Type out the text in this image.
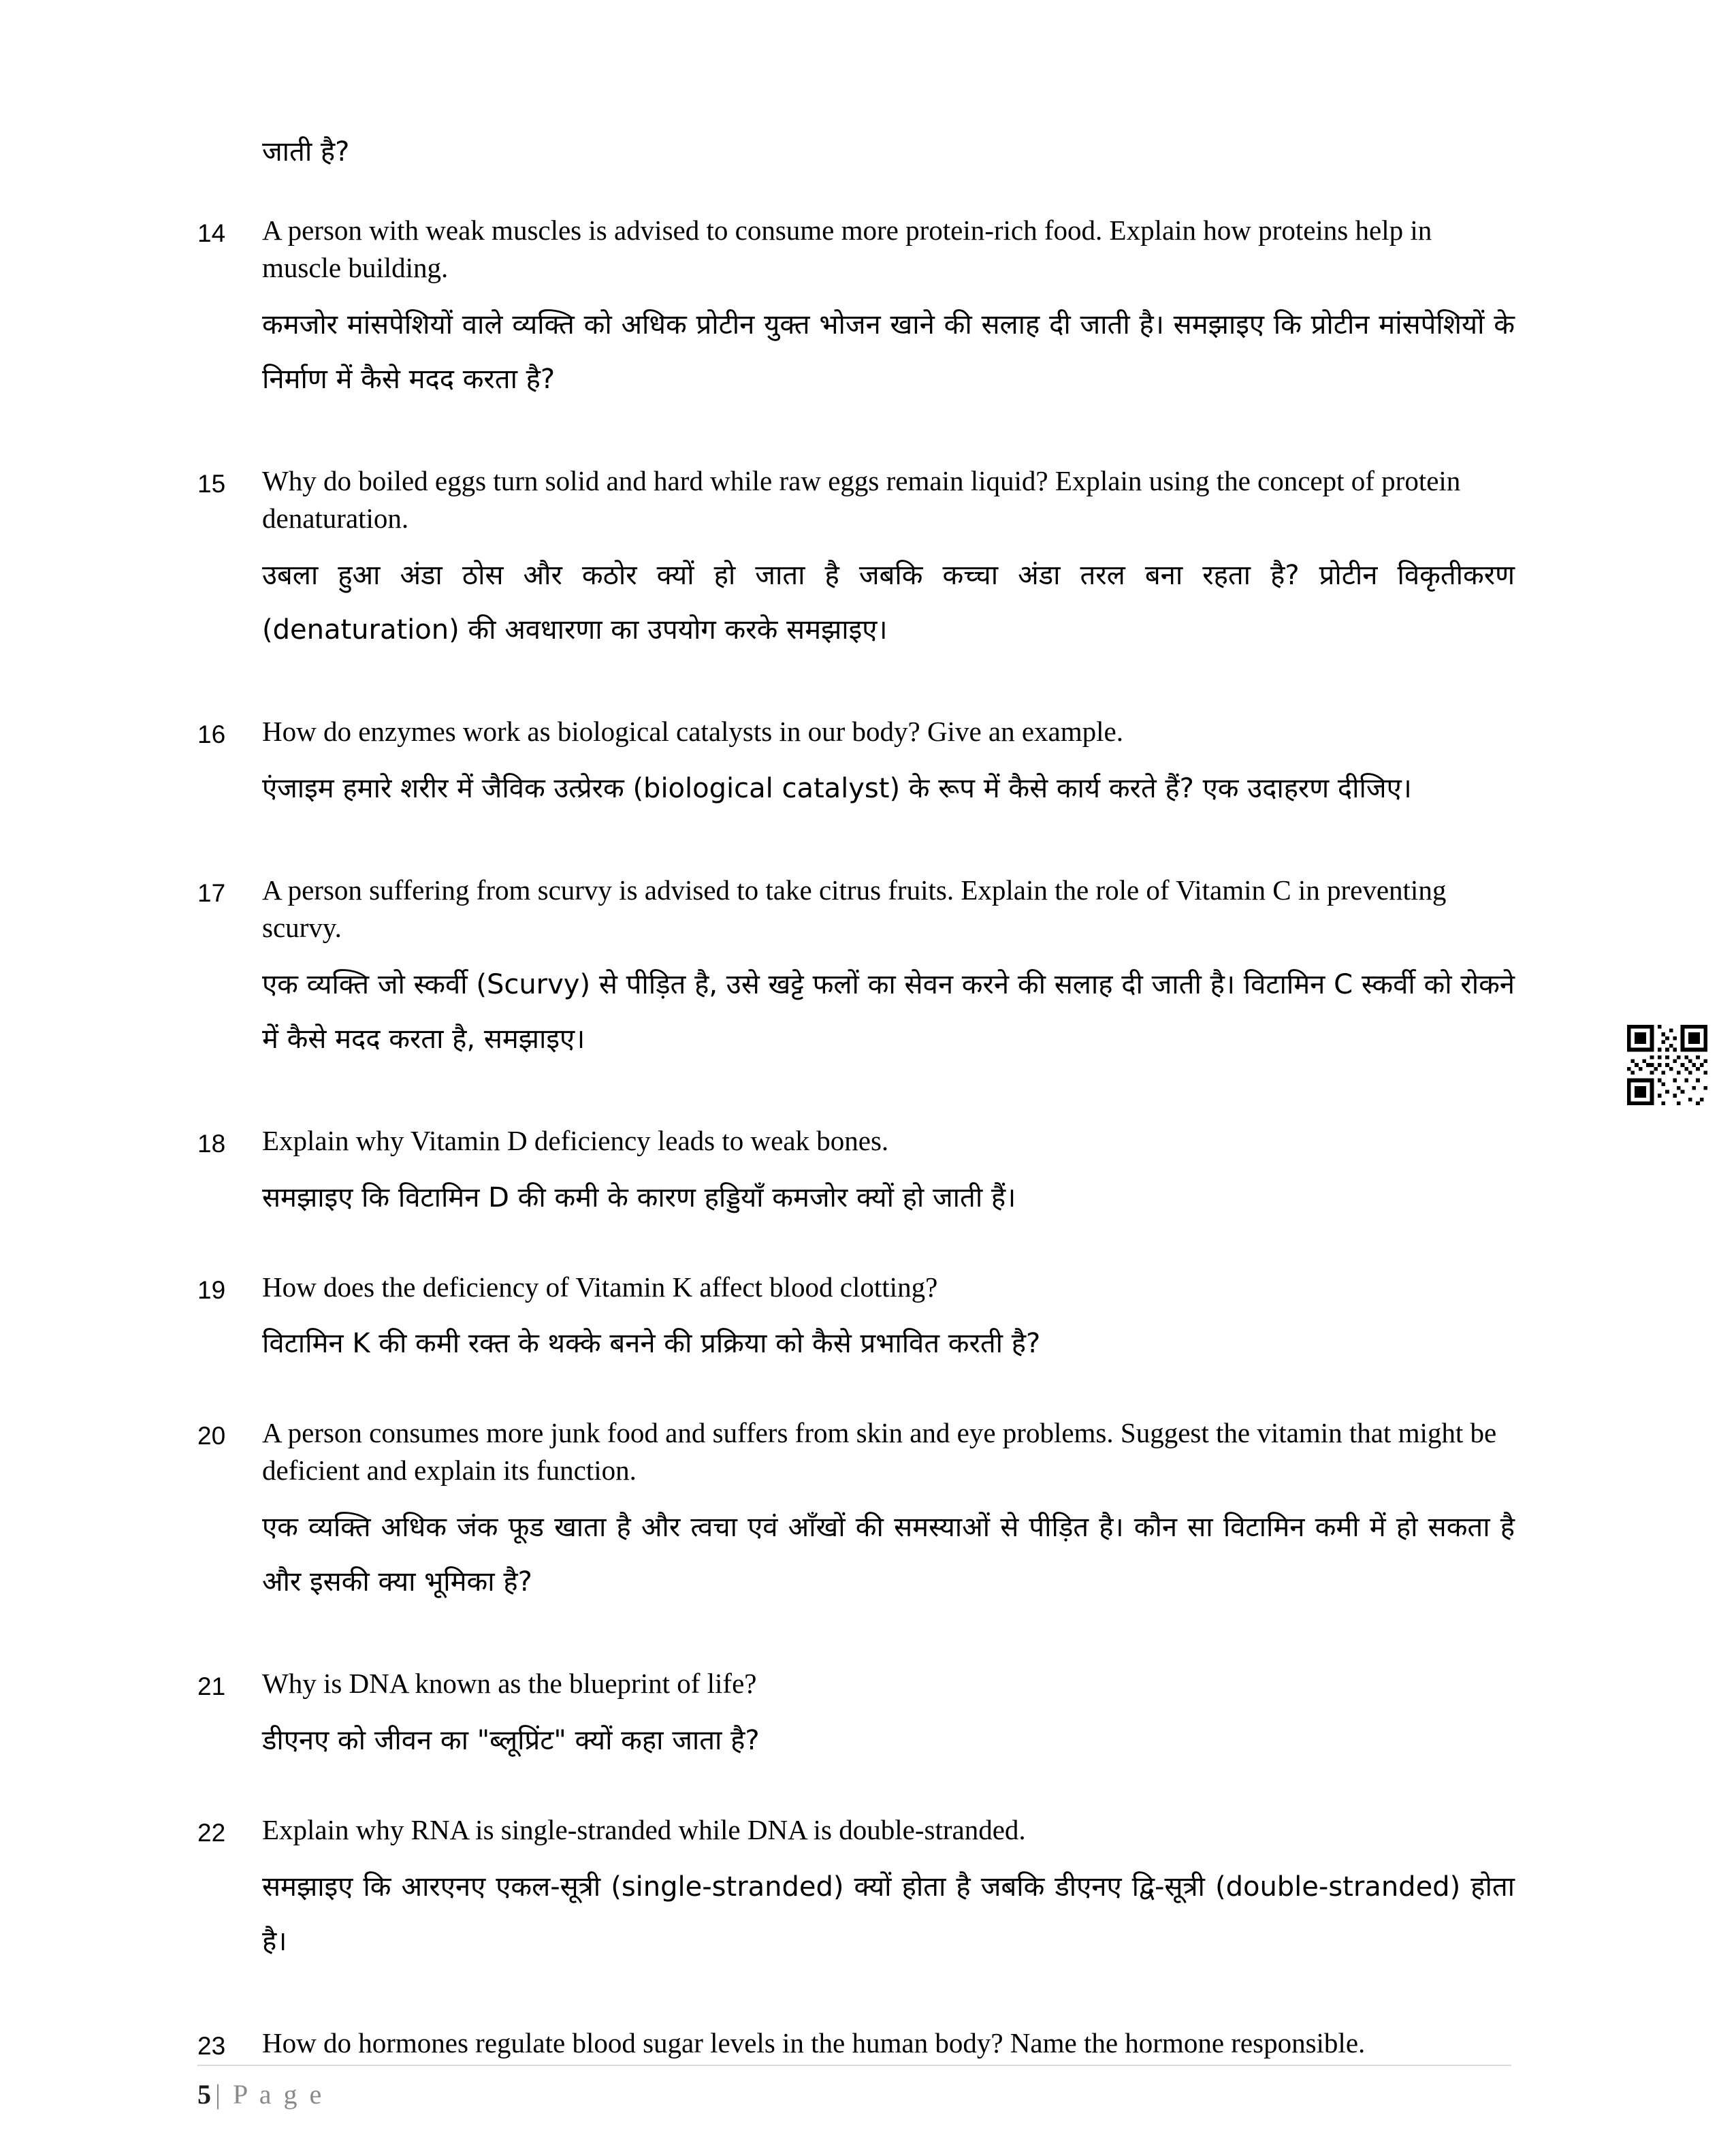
जाती है?

14	A person with weak muscles is advised to consume more protein-rich food. Explain how proteins help in muscle building.

कमजोर मांसपेशियों वाले व्यक्ति को अधिक प्रोटीन युक्त भोजन खाने की सलाह दी जाती है। समझाइए कि प्रोटीन मांसपेशियों के निर्माण में कैसे मदद करता है?

15	Why do boiled eggs turn solid and hard while raw eggs remain liquid? Explain using the concept of protein denaturation.

उबला हुआ अंडा ठोस और कठोर क्यों हो जाता है जबकि कच्चा अंडा तरल बना रहता है? प्रोटीन विकृतीकरण (denaturation) की अवधारणा का उपयोग करके समझाइए।

16	How do enzymes work as biological catalysts in our body? Give an example.

एंजाइम हमारे शरीर में जैविक उत्प्रेरक (biological catalyst) के रूप में कैसे कार्य करते हैं? एक उदाहरण दीजिए।

17	A person suffering from scurvy is advised to take citrus fruits. Explain the role of Vitamin C in preventing scurvy.

एक व्यक्ति जो स्कर्वी (Scurvy) से पीड़ित है, उसे खट्टे फलों का सेवन करने की सलाह दी जाती है। विटामिन C स्कर्वी को रोकने में कैसे मदद करता है, समझाइए।

18	Explain why Vitamin D deficiency leads to weak bones.

समझाइए कि विटामिन D की कमी के कारण हड्डियाँ कमजोर क्यों हो जाती हैं।

19	How does the deficiency of Vitamin K affect blood clotting?

विटामिन K की कमी रक्त के थक्के बनने की प्रक्रिया को कैसे प्रभावित करती है?

20	A person consumes more junk food and suffers from skin and eye problems. Suggest the vitamin that might be deficient and explain its function.

एक व्यक्ति अधिक जंक फूड खाता है और त्वचा एवं आँखों की समस्याओं से पीड़ित है। कौन सा विटामिन कमी में हो सकता है और इसकी क्या भूमिका है?

21	Why is DNA known as the blueprint of life?

डीएनए को जीवन का "ब्लूप्रिंट" क्यों कहा जाता है?

22	Explain why RNA is single-stranded while DNA is double-stranded.

समझाइए कि आरएनए एकल-सूत्री (single-stranded) क्यों होता है जबकि डीएनए द्वि-सूत्री (double-stranded) होता है।

23	How do hormones regulate blood sugar levels in the human body? Name the hormone responsible.

5 | P a g e
